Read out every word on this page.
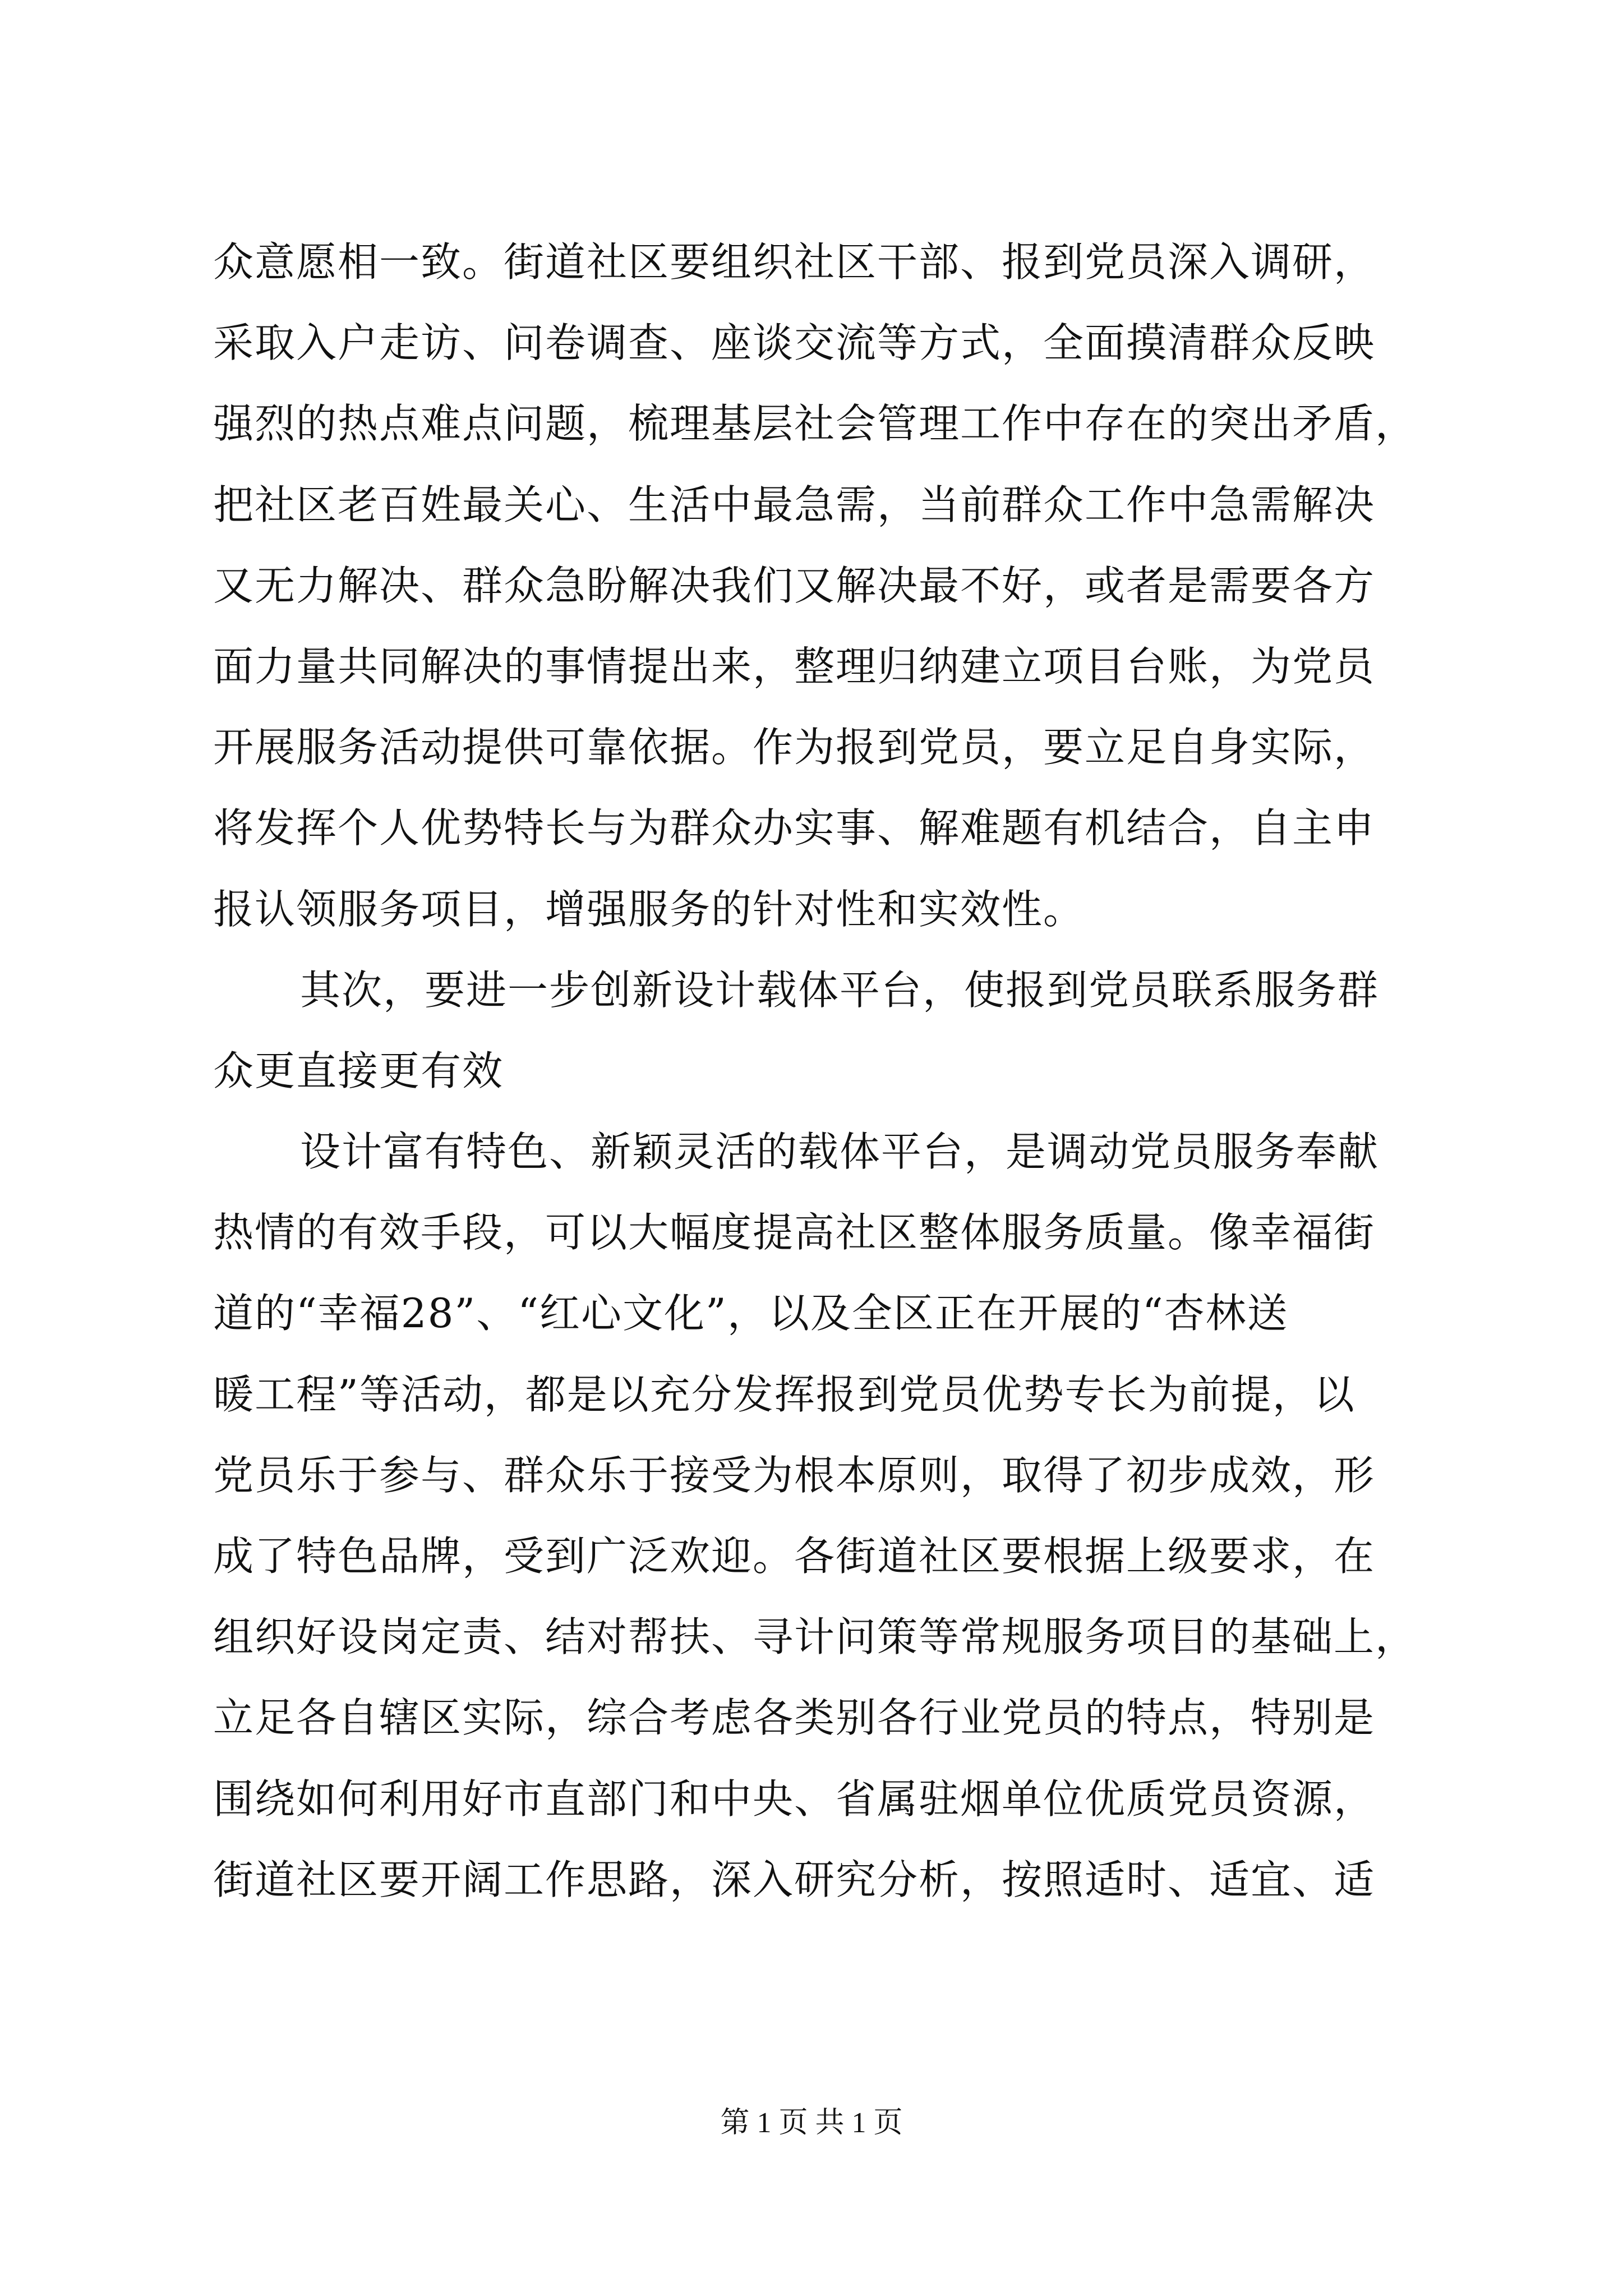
众意愿相一致。街道社区要组织社区干部、报到党员深入调研，
采取入户走访、问卷调查、座谈交流等方式，全面摸清群众反映
强烈的热点难点问题，梳理基层社会管理工作中存在的突出矛盾，
把社区老百姓最关心、生活中最急需，当前群众工作中急需解决
又无力解决、群众急盼解决我们又解决最不好，或者是需要各方
面力量共同解决的事情提出来，整理归纳建立项目台账，为党员
开展服务活动提供可靠依据。作为报到党员，要立足自身实际，
将发挥个人优势特长与为群众办实事、解难题有机结合，自主申
报认领服务项目，增强服务的针对性和实效性。
其次，要进一步创新设计载体平台，使报到党员联系服务群
众更直接更有效
设计富有特色、新颖灵活的载体平台，是调动党员服务奉献
热情的有效手段，可以大幅度提高社区整体服务质量。像幸福街
道的“幸福28”、“红心文化”，以及全区正在开展的“杏林送
暖工程”等活动，都是以充分发挥报到党员优势专长为前提，以
党员乐于参与、群众乐于接受为根本原则，取得了初步成效，形
成了特色品牌，受到广泛欢迎。各街道社区要根据上级要求，在
组织好设岗定责、结对帮扶、寻计问策等常规服务项目的基础上，
立足各自辖区实际，综合考虑各类别各行业党员的特点，特别是
围绕如何利用好市直部门和中央、省属驻烟单位优质党员资源，
街道社区要开阔工作思路，深入研究分析，按照适时、适宜、适
第 1 页 共 1 页
